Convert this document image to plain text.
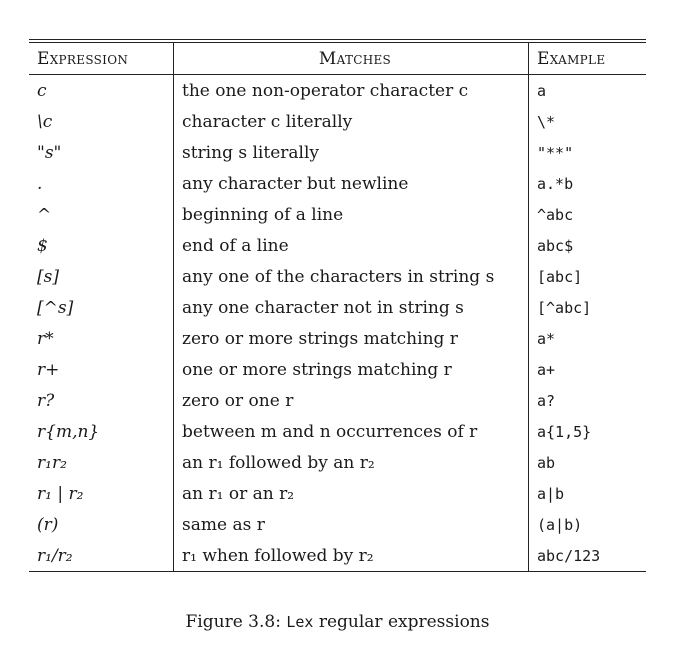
Expression	Matches	Example
c	the one non-operator character c	a
\c	character c literally	\*
"s"	string s literally	"**"
.	any character but newline	a.*b
^	beginning of a line	^abc
$	end of a line	abc$
[s]	any one of the characters in string s	[abc]
[^s]	any one character not in string s	[^abc]
r*	zero or more strings matching r	a*
r+	one or more strings matching r	a+
r?	zero or one r	a?
r{m,n}	between m and n occurrences of r	a{1,5}
r₁r₂	an r₁ followed by an r₂	ab
r₁ | r₂	an r₁ or an r₂	a|b
(r)	same as r	(a|b)
r₁/r₂	r₁ when followed by r₂	abc/123
Figure 3.8: Lex regular expressions
